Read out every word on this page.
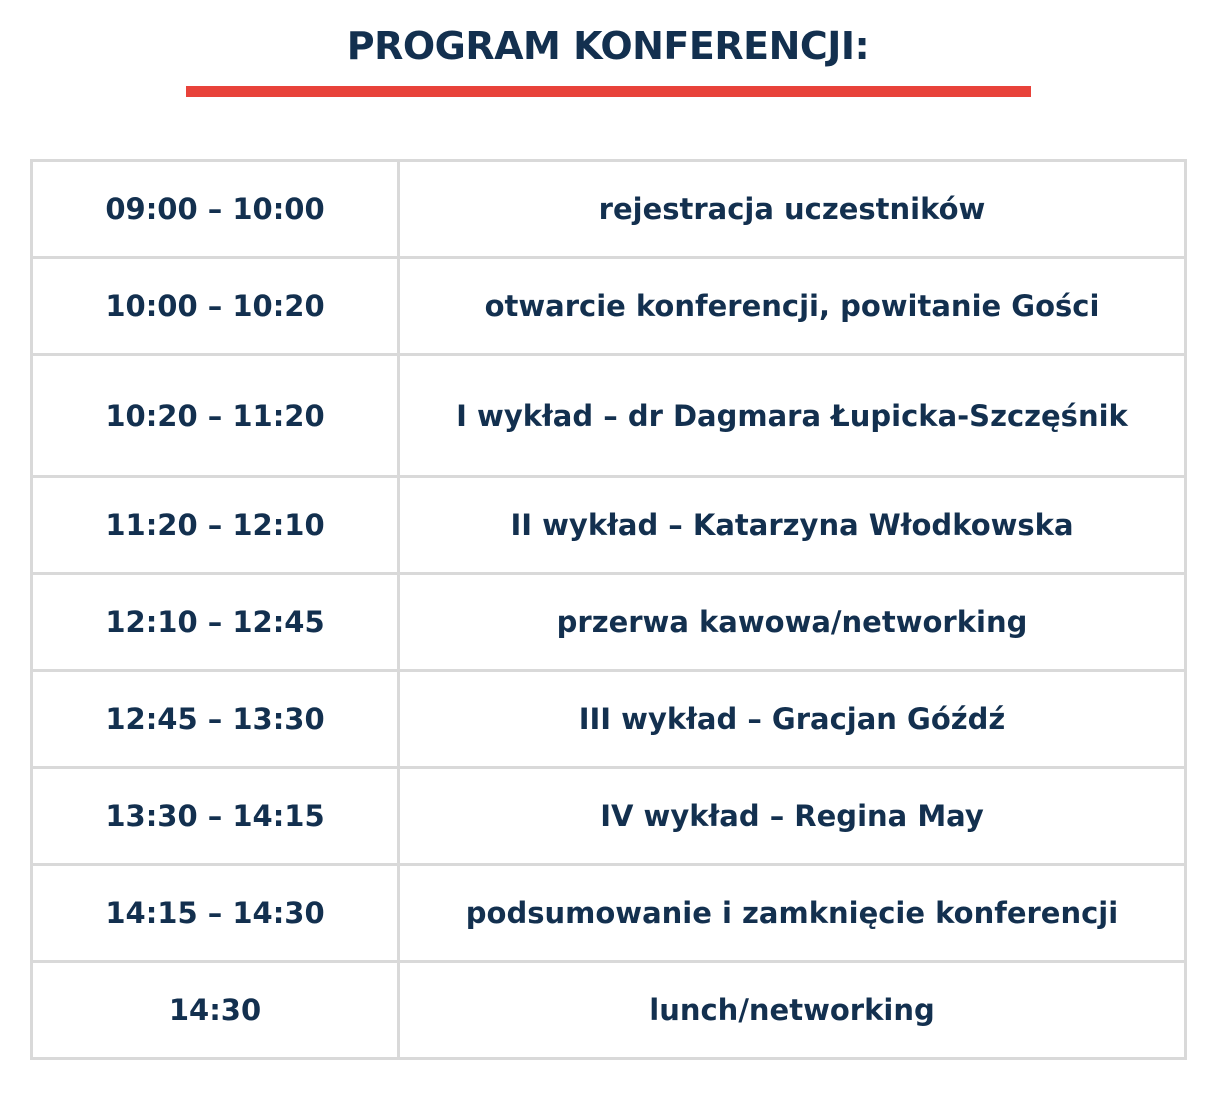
PROGRAM KONFERENCJI:
09:00 – 10:00	rejestracja uczestników
10:00 – 10:20	otwarcie konferencji, powitanie Gości
10:20 – 11:20	I wykład – dr Dagmara Łupicka-Szczęśnik
11:20 – 12:10	II wykład – Katarzyna Włodkowska
12:10 – 12:45	przerwa kawowa/networking
12:45 – 13:30	III wykład – Gracjan Góźdź
13:30 – 14:15	IV wykład – Regina May
14:15 – 14:30	podsumowanie i zamknięcie konferencji
14:30	lunch/networking
